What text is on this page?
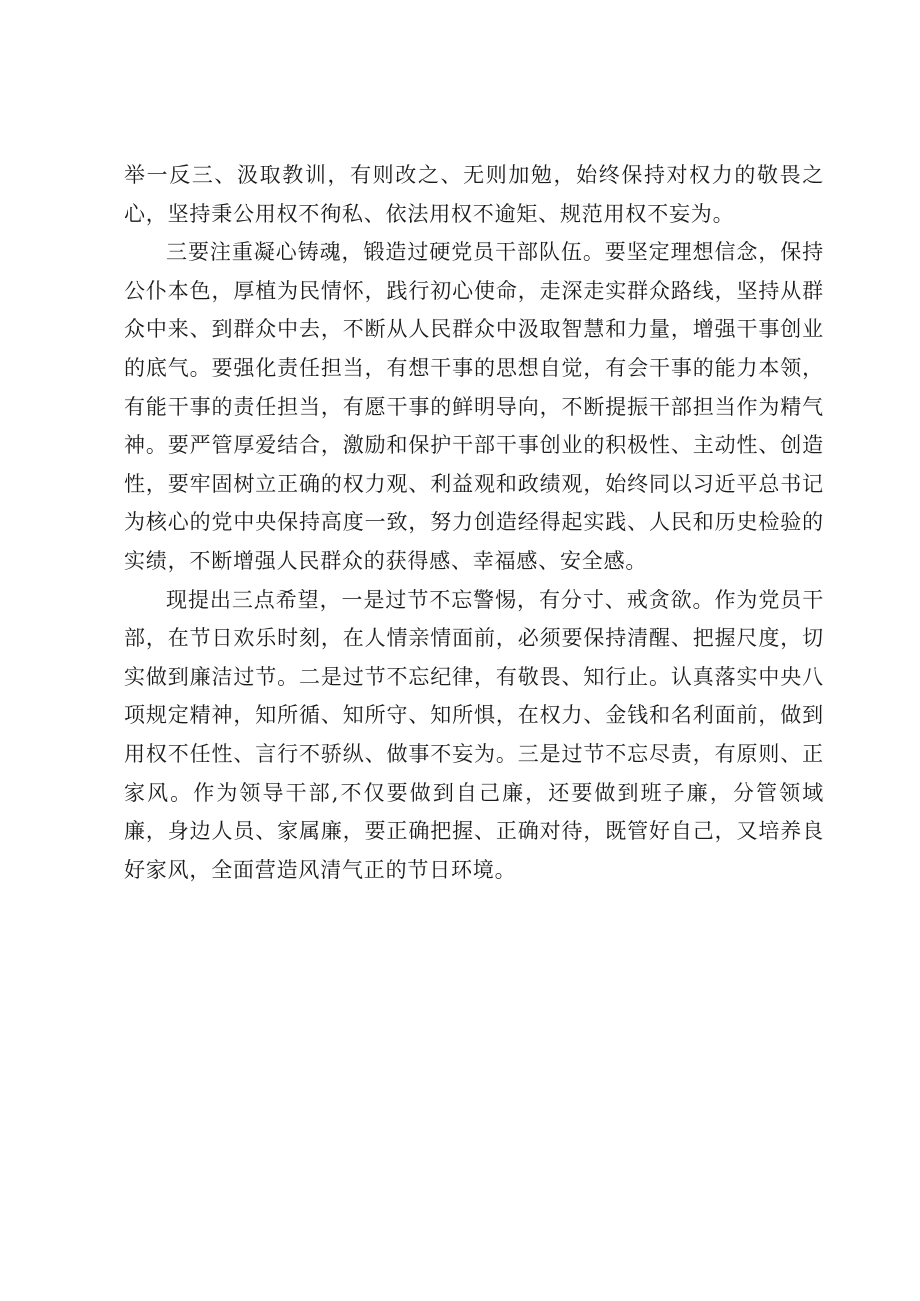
举一反三、汲取教训，有则改之、无则加勉，始终保持对权力的敬畏之心，坚持秉公用权不徇私、依法用权不逾矩、规范用权不妄为。

三要注重凝心铸魂，锻造过硬党员干部队伍。要坚定理想信念，保持公仆本色，厚植为民情怀，践行初心使命，走深走实群众路线，坚持从群众中来、到群众中去，不断从人民群众中汲取智慧和力量，增强干事创业的底气。要强化责任担当，有想干事的思想自觉，有会干事的能力本领，有能干事的责任担当，有愿干事的鲜明导向，不断提振干部担当作为精气神。要严管厚爱结合，激励和保护干部干事创业的积极性、主动性、创造性，要牢固树立正确的权力观、利益观和政绩观，始终同以习近平总书记为核心的党中央保持高度一致，努力创造经得起实践、人民和历史检验的实绩，不断增强人民群众的获得感、幸福感、安全感。

现提出三点希望，一是过节不忘警惕，有分寸、戒贪欲。作为党员干部，在节日欢乐时刻，在人情亲情面前，必须要保持清醒、把握尺度，切实做到廉洁过节。二是过节不忘纪律，有敬畏、知行止。认真落实中央八项规定精神，知所循、知所守、知所惧，在权力、金钱和名利面前，做到用权不任性、言行不骄纵、做事不妄为。三是过节不忘尽责，有原则、正家风。作为领导干部,不仅要做到自己廉，还要做到班子廉，分管领域廉，身边人员、家属廉，要正确把握、正确对待，既管好自己，又培养良好家风，全面营造风清气正的节日环境。
